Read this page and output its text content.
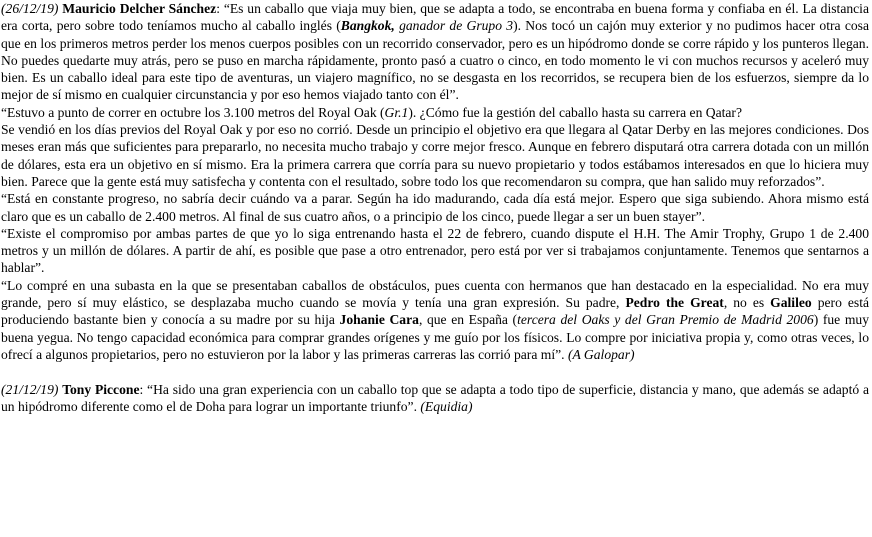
(26/12/19) Mauricio Delcher Sánchez: “Es un caballo que viaja muy bien, que se adapta a todo, se encontraba en buena forma y confiaba en él. La distancia era corta, pero sobre todo teníamos mucho al caballo inglés (Bangkok, ganador de Grupo 3). Nos tocó un cajón muy exterior y no pudimos hacer otra cosa que en los primeros metros perder los menos cuerpos posibles con un recorrido conservador, pero es un hipódromo donde se corre rápido y los punteros llegan. No puedes quedarte muy atrás, pero se puso en marcha rápidamente, pronto pasó a cuatro o cinco, en todo momento le vi con muchos recursos y aceleró muy bien. Es un caballo ideal para este tipo de aventuras, un viajero magnífico, no se desgasta en los recorridos, se recupera bien de los esfuerzos, siempre da lo mejor de sí mismo en cualquier circunstancia y por eso hemos viajado tanto con él”.

“Estuvo a punto de correr en octubre los 3.100 metros del Royal Oak (Gr.1). ¿Cómo fue la gestión del caballo hasta su carrera en Qatar?

Se vendió en los días previos del Royal Oak y por eso no corrió. Desde un principio el objetivo era que llegara al Qatar Derby en las mejores condiciones. Dos meses eran más que suficientes para prepararlo, no necesita mucho trabajo y corre mejor fresco. Aunque en febrero disputará otra carrera dotada con un millón de dólares, esta era un objetivo en sí mismo. Era la primera carrera que corría para su nuevo propietario y todos estábamos interesados en que lo hiciera muy bien. Parece que la gente está muy satisfecha y contenta con el resultado, sobre todo los que recomendaron su compra, que han salido muy reforzados”.

“Está en constante progreso, no sabría decir cuándo va a parar. Según ha ido madurando, cada día está mejor. Espero que siga subiendo. Ahora mismo está claro que es un caballo de 2.400 metros. Al final de sus cuatro años, o a principio de los cinco, puede llegar a ser un buen stayer”.

“Existe el compromiso por ambas partes de que yo lo siga entrenando hasta el 22 de febrero, cuando dispute el H.H. The Amir Trophy, Grupo 1 de 2.400 metros y un millón de dólares. A partir de ahí, es posible que pase a otro entrenador, pero está por ver si trabajamos conjuntamente. Tenemos que sentarnos a hablar”.

“Lo compré en una subasta en la que se presentaban caballos de obstáculos, pues cuenta con hermanos que han destacado en la especialidad. No era muy grande, pero sí muy elástico, se desplazaba mucho cuando se movía y tenía una gran expresión. Su padre, Pedro the Great, no es Galileo pero está produciendo bastante bien y conocía a su madre por su hija Johanie Cara, que en España (tercera del Oaks y del Gran Premio de Madrid 2006) fue muy buena yegua. No tengo capacidad económica para comprar grandes orígenes y me guío por los físicos. Lo compre por iniciativa propia y, como otras veces, lo ofrecí a algunos propietarios, pero no estuvieron por la labor y las primeras carreras las corrió para mí”. (A Galopar)

(21/12/19) Tony Piccone: “Ha sido una gran experiencia con un caballo top que se adapta a todo tipo de superficie, distancia y mano, que además se adaptó a un hipódromo diferente como el de Doha para lograr un importante triunfo”. (Equidia)
